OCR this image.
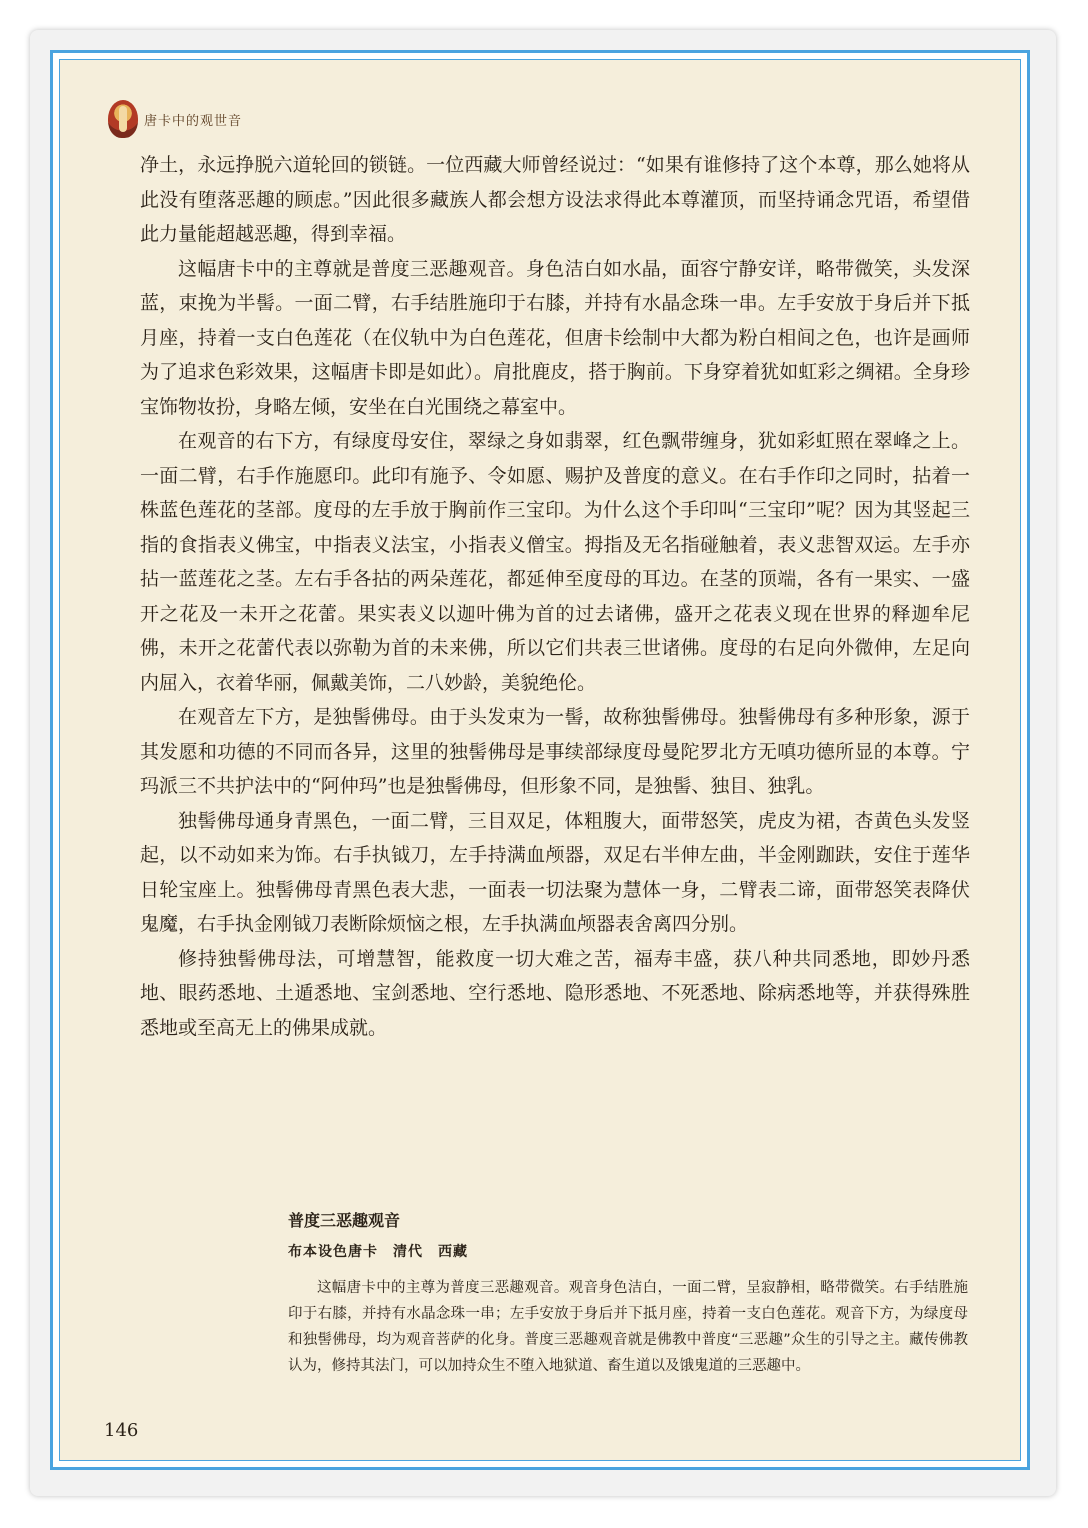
唐卡中的观世音

净土，永远挣脱六道轮回的锁链。一位西藏大师曾经说过：“如果有谁修持了这个本尊，那么她将从此没有堕落恶趣的顾虑。”因此很多藏族人都会想方设法求得此本尊灌顶，而坚持诵念咒语，希望借此力量能超越恶趣，得到幸福。

这幅唐卡中的主尊就是普度三恶趣观音。身色洁白如水晶，面容宁静安详，略带微笑，头发深蓝，束挽为半髻。一面二臂，右手结胜施印于右膝，并持有水晶念珠一串。左手安放于身后并下抵月座，持着一支白色莲花（在仪轨中为白色莲花，但唐卡绘制中大都为粉白相间之色，也许是画师为了追求色彩效果，这幅唐卡即是如此）。肩批鹿皮，搭于胸前。下身穿着犹如虹彩之绸裙。全身珍宝饰物妆扮，身略左倾，安坐在白光围绕之幕室中。

在观音的右下方，有绿度母安住，翠绿之身如翡翠，红色飘带缠身，犹如彩虹照在翠峰之上。一面二臂，右手作施愿印。此印有施予、令如愿、赐护及普度的意义。在右手作印之同时，拈着一株蓝色莲花的茎部。度母的左手放于胸前作三宝印。为什么这个手印叫“三宝印”呢？因为其竖起三指的食指表义佛宝，中指表义法宝，小指表义僧宝。拇指及无名指碰触着，表义悲智双运。左手亦拈一蓝莲花之茎。左右手各拈的两朵莲花，都延伸至度母的耳边。在茎的顶端，各有一果实、一盛开之花及一未开之花蕾。果实表义以迦叶佛为首的过去诸佛，盛开之花表义现在世界的释迦牟尼佛，未开之花蕾代表以弥勒为首的未来佛，所以它们共表三世诸佛。度母的右足向外微伸，左足向内屈入，衣着华丽，佩戴美饰，二八妙龄，美貌绝伦。

在观音左下方，是独髻佛母。由于头发束为一髻，故称独髻佛母。独髻佛母有多种形象，源于其发愿和功德的不同而各异，这里的独髻佛母是事续部绿度母曼陀罗北方无嗔功德所显的本尊。宁玛派三不共护法中的“阿仲玛”也是独髻佛母，但形象不同，是独髻、独目、独乳。

独髻佛母通身青黑色，一面二臂，三目双足，体粗腹大，面带怒笑，虎皮为裙，杏黄色头发竖起，以不动如来为饰。右手执钺刀，左手持满血颅器，双足右半伸左曲，半金刚跏趺，安住于莲华日轮宝座上。独髻佛母青黑色表大悲，一面表一切法聚为慧体一身，二臂表二谛，面带怒笑表降伏鬼魔，右手执金刚钺刀表断除烦恼之根，左手执满血颅器表舍离四分别。

修持独髻佛母法，可增慧智，能救度一切大难之苦，福寿丰盛，获八种共同悉地，即妙丹悉地、眼药悉地、土遁悉地、宝剑悉地、空行悉地、隐形悉地、不死悉地、除病悉地等，并获得殊胜悉地或至高无上的佛果成就。

普度三恶趣观音

布本设色唐卡　清代　西藏

这幅唐卡中的主尊为普度三恶趣观音。观音身色洁白，一面二臂，呈寂静相，略带微笑。右手结胜施印于右膝，并持有水晶念珠一串；左手安放于身后并下抵月座，持着一支白色莲花。观音下方，为绿度母和独髻佛母，均为观音菩萨的化身。普度三恶趣观音就是佛教中普度“三恶趣”众生的引导之主。藏传佛教认为，修持其法门，可以加持众生不堕入地狱道、畜生道以及饿鬼道的三恶趣中。

146
